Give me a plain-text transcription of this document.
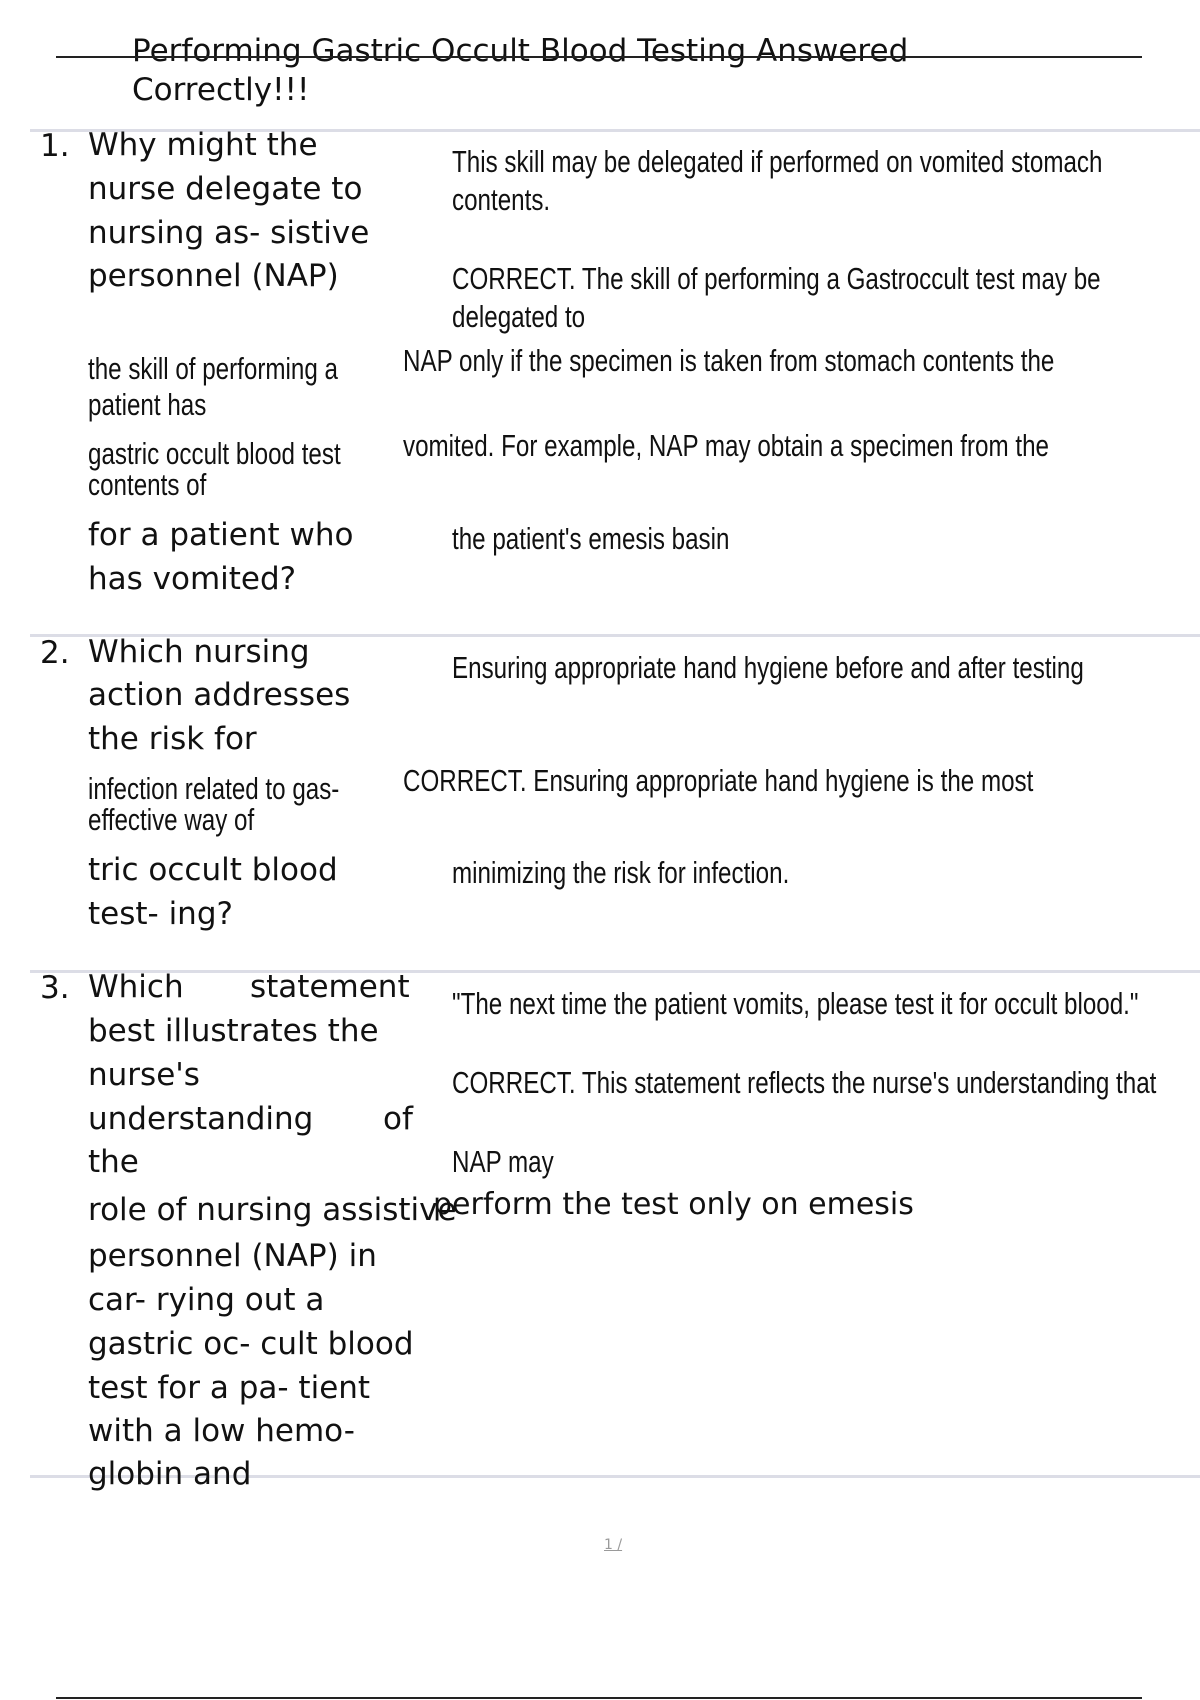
Performing Gastric Occult Blood Testing Answered
Correctly!!!
1. Why might the
nurse delegate to
nursing as- sistive
personnel (NAP)
the skill of performing a
patient has
gastric occult blood test
contents of
for a patient who
has vomited?
This skill may be delegated if performed on vomited stomach
contents.
CORRECT. The skill of performing a Gastroccult test may be
delegated to
NAP only if the specimen is taken from stomach contents the
vomited. For example, NAP may obtain a specimen from the
the patient's emesis basin
2. Which nursing
action addresses
the risk for
infection related to gas-
effective way of
tric occult blood
test- ing?
Ensuring appropriate hand hygiene before and after testing
CORRECT. Ensuring appropriate hand hygiene is the most
minimizing the risk for infection.
3. Which statement
best illustrates the
nurse's
understanding of
the
role of nursing assistive
personnel (NAP) in
car- rying out a
gastric oc- cult blood
test for a pa- tient
with a low hemo-
globin and
"The next time the patient vomits, please test it for occult blood."
CORRECT. This statement reflects the nurse's understanding that
NAP may
perform the test only on emesis
1 /
